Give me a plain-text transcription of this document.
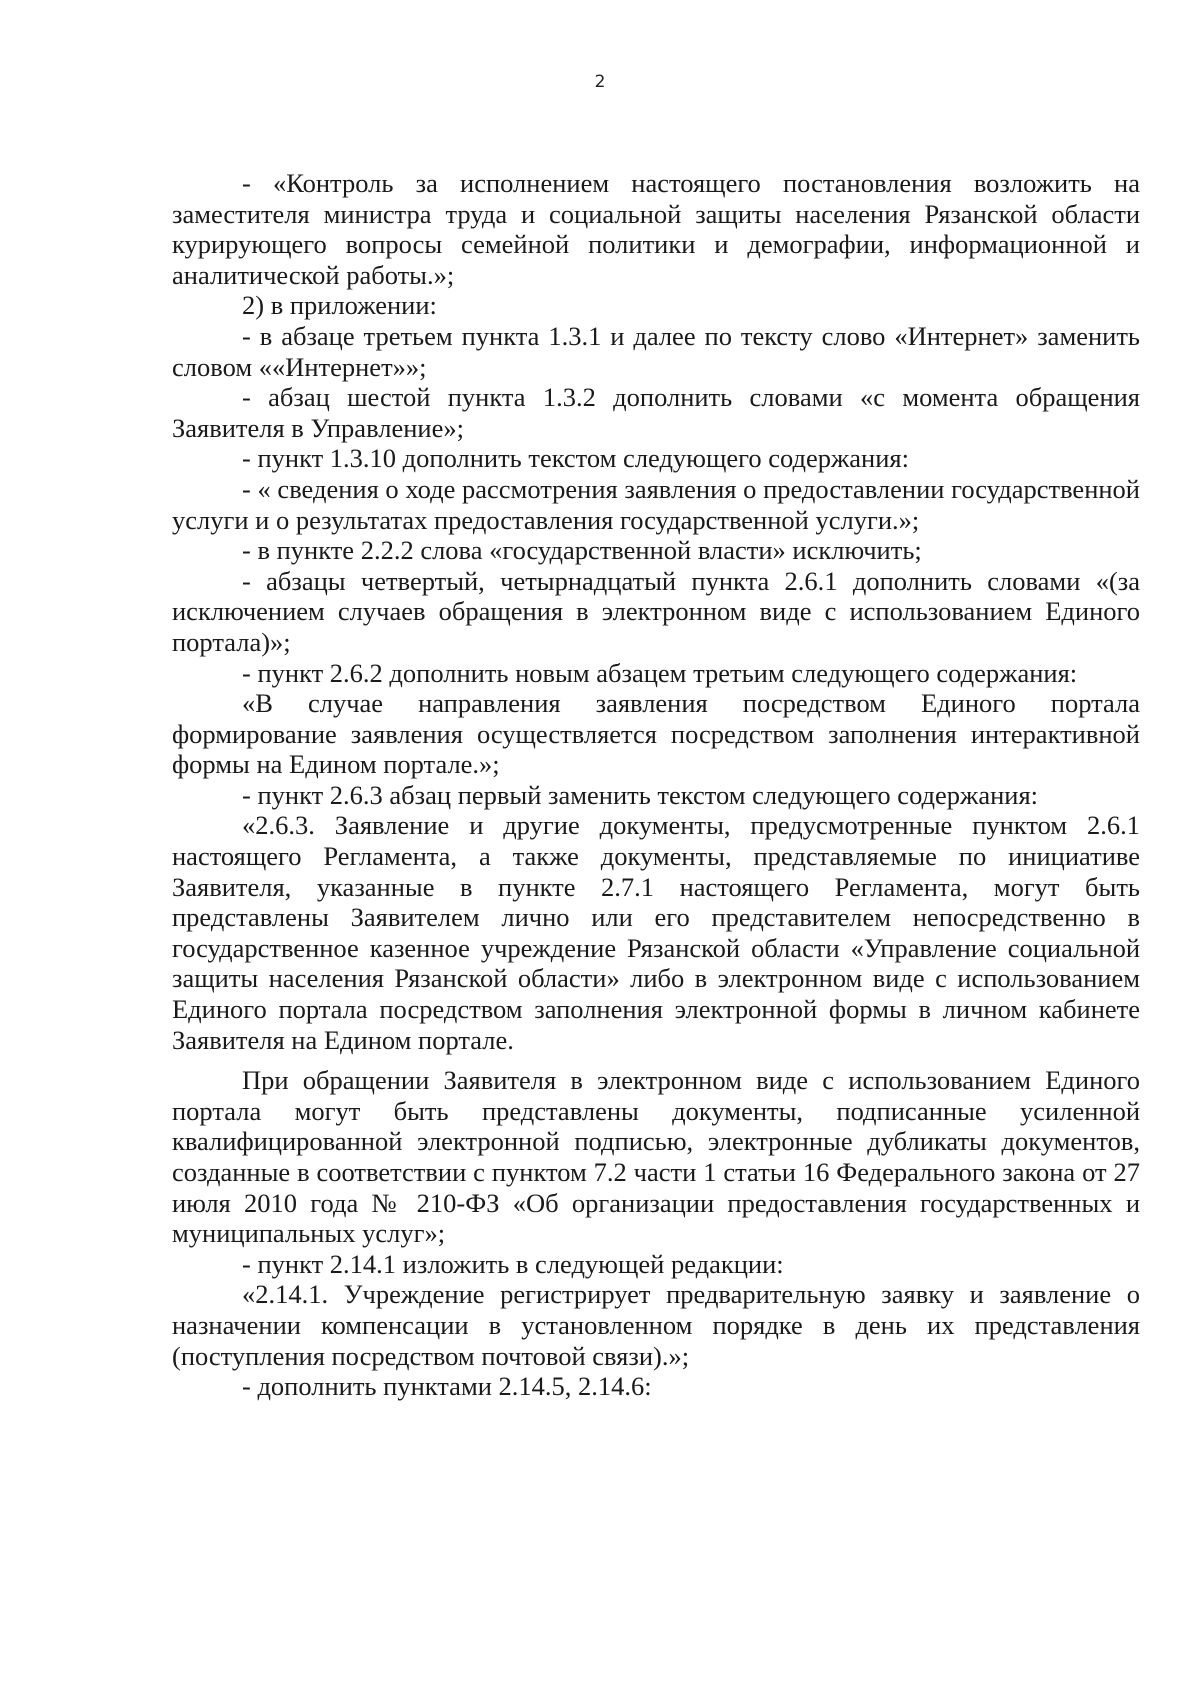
2

- «Контроль за исполнением настоящего постановления возложить на заместителя министра труда и социальной защиты населения Рязанской области курирующего вопросы семейной политики и демографии, информационной и аналитической работы.»;

2) в приложении:

- в абзаце третьем пункта 1.3.1 и далее по тексту слово «Интернет» заменить словом ««Интернет»»;

- абзац шестой пункта 1.3.2 дополнить словами «с момента обращения Заявителя в Управление»;

- пункт 1.3.10 дополнить текстом следующего содержания:

- « сведения о ходе рассмотрения заявления о предоставлении государственной услуги и о результатах предоставления государственной услуги.»;

- в пункте 2.2.2 слова «государственной власти» исключить;

- абзацы четвертый, четырнадцатый пункта 2.6.1 дополнить словами «(за исключением случаев обращения в электронном виде с использованием Единого портала)»;

- пункт 2.6.2 дополнить новым абзацем третьим следующего содержания:

«В случае направления заявления посредством Единого портала формирование заявления осуществляется посредством заполнения интерактивной формы на Едином портале.»;

- пункт 2.6.3 абзац первый заменить текстом следующего содержания:

«2.6.3. Заявление и другие документы, предусмотренные пунктом 2.6.1 настоящего Регламента, а также документы, представляемые по инициативе Заявителя, указанные в пункте 2.7.1 настоящего Регламента, могут быть представлены Заявителем лично или его представителем непосредственно в государственное казенное учреждение Рязанской области «Управление социальной защиты населения Рязанской области» либо в электронном виде с использованием Единого портала посредством заполнения электронной формы в личном кабинете Заявителя на Едином портале.

При обращении Заявителя в электронном виде с использованием Единого портала могут быть представлены документы, подписанные усиленной квалифицированной электронной подписью, электронные дубликаты документов, созданные в соответствии с пунктом 7.2 части 1 статьи 16 Федерального закона от 27 июля 2010 года № 210-ФЗ «Об организации предоставления государственных и муниципальных услуг»;

- пункт 2.14.1 изложить в следующей редакции:

«2.14.1. Учреждение регистрирует предварительную заявку и заявление о назначении компенсации в установленном порядке в день их представления (поступления посредством почтовой связи).»;

- дополнить пунктами 2.14.5, 2.14.6:
